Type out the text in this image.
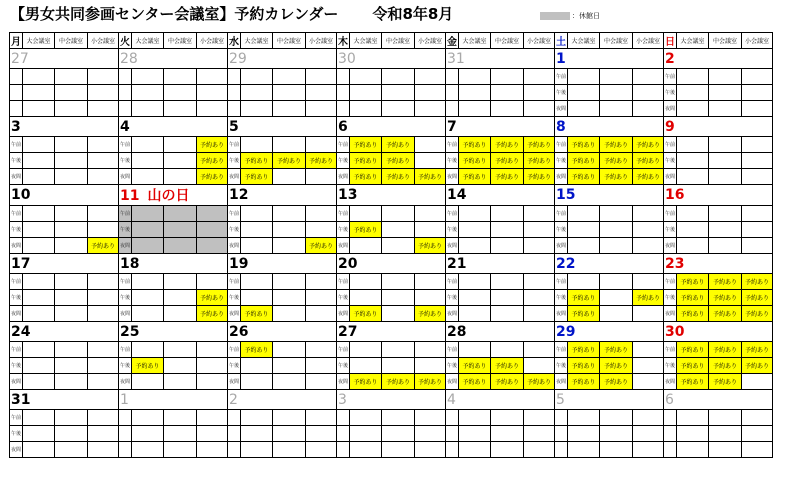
【男女共同参画センター会議室】予約カレンダー 令和8年8月	：休館日
月	大会議室	中会議室	小会議室	火	大会議室	中会議室	小会議室	水	大会議室	中会議室	小会議室	木	大会議室	中会議室	小会議室	金	大会議室	中会議室	小会議室	土	大会議室	中会議室	小会議室	日	大会議室	中会議室	小会議室
27				28				29				30				31				1				2			
																				午前				午前			
																				午後				午後			
																				夜間				夜間			
3				4				5				6				7				8				9			
午前				午前			予約あり	午前				午前	予約あり	予約あり		午前	予約あり	予約あり	予約あり	午前	予約あり	予約あり	予約あり	午前			
午後				午後			予約あり	午後	予約あり	予約あり	予約あり	午後	予約あり	予約あり		午後	予約あり	予約あり	予約あり	午後	予約あり	予約あり	予約あり	午後			
夜間				夜間			予約あり	夜間	予約あり			夜間	予約あり	予約あり	予約あり	夜間	予約あり	予約あり	予約あり	夜間	予約あり	予約あり	予約あり	夜間			
10				11 山の日				12				13				14				15				16			
午前				午前				午前				午前				午前				午前				午前			
午後				午後				午後				午後	予約あり			午後				午後				午後			
夜間			予約あり	夜間				夜間			予約あり	夜間			予約あり	夜間				夜間				夜間			
17				18				19				20				21				22				23			
午前				午前				午前				午前				午前				午前				午前	予約あり	予約あり	予約あり
午後				午後			予約あり	午後				午後				午後				午後	予約あり		予約あり	午後	予約あり	予約あり	予約あり
夜間				夜間			予約あり	夜間	予約あり			夜間	予約あり		予約あり	夜間				夜間	予約あり			夜間	予約あり	予約あり	予約あり
24				25				26				27				28				29				30			
午前				午前				午前	予約あり			午前				午前				午前	予約あり	予約あり		午前	予約あり	予約あり	予約あり
午後				午後	予約あり			午後				午後				午後	予約あり	予約あり		午後	予約あり	予約あり		午後	予約あり	予約あり	予約あり
夜間				夜間				夜間				夜間	予約あり	予約あり	予約あり	夜間	予約あり	予約あり	予約あり	夜間	予約あり	予約あり		夜間	予約あり	予約あり	
31				1				2				3				4				5				6			
午前																											
午後																											
夜間																											
